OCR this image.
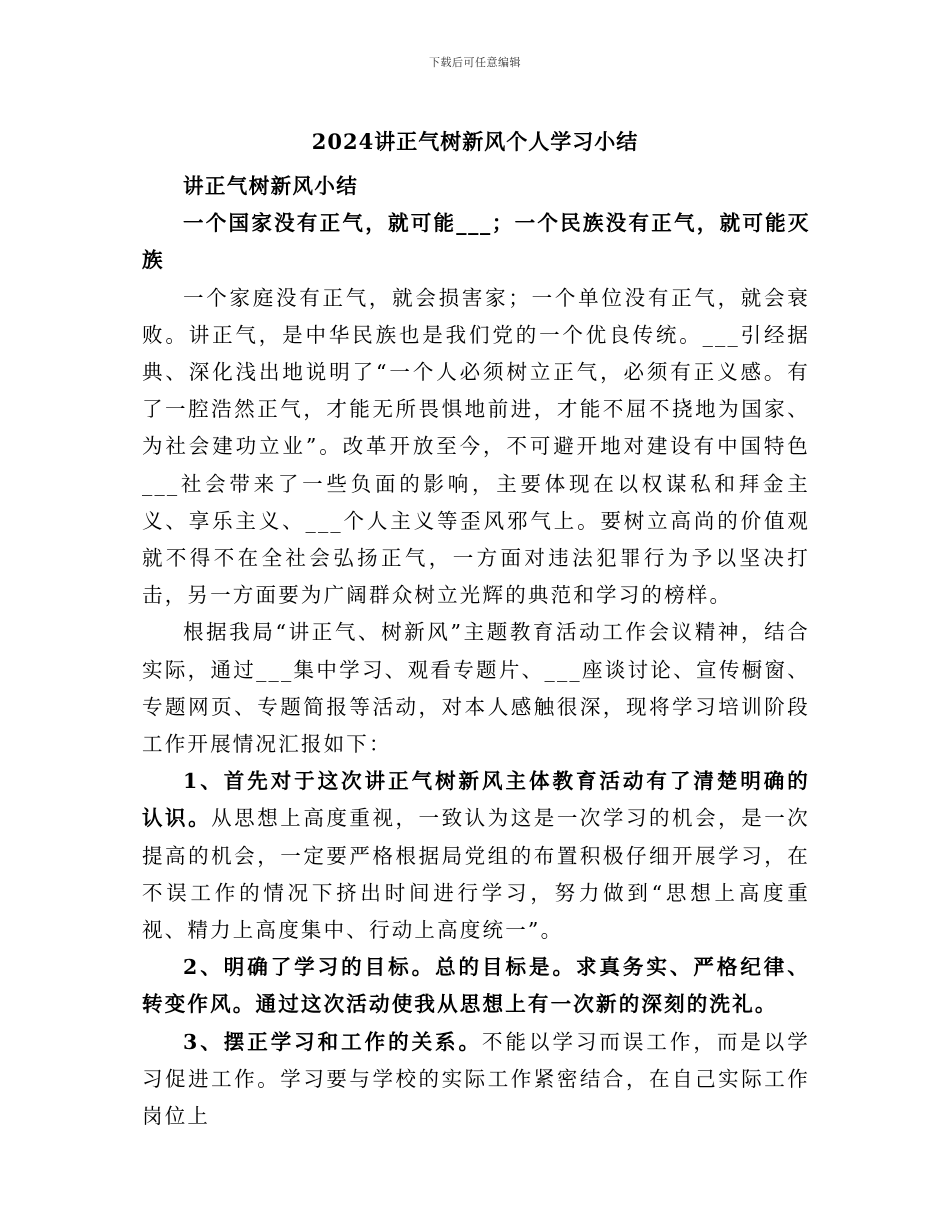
下载后可任意编辑
2024讲正气树新风个人学习小结

讲正气树新风小结

一个国家没有正气，就可能___；一个民族没有正气，就可能灭族

一个家庭没有正气，就会损害家；一个单位没有正气，就会衰败。讲正气，是中华民族也是我们党的一个优良传统。___引经据典、深化浅出地说明了“一个人必须树立正气，必须有正义感。有了一腔浩然正气，才能无所畏惧地前进，才能不屈不挠地为国家、为社会建功立业”。改革开放至今，不可避开地对建设有中国特色___社会带来了一些负面的影响，主要体现在以权谋私和拜金主义、享乐主义、___个人主义等歪风邪气上。要树立高尚的价值观就不得不在全社会弘扬正气，一方面对违法犯罪行为予以坚决打击，另一方面要为广阔群众树立光辉的典范和学习的榜样。

根据我局“讲正气、树新风”主题教育活动工作会议精神，结合实际，通过___集中学习、观看专题片、___座谈讨论、宣传橱窗、专题网页、专题简报等活动，对本人感触很深，现将学习培训阶段工作开展情况汇报如下：

1、首先对于这次讲正气树新风主体教育活动有了清楚明确的认识。从思想上高度重视，一致认为这是一次学习的机会，是一次提高的机会，一定要严格根据局党组的布置积极仔细开展学习，在不误工作的情况下挤出时间进行学习，努力做到“思想上高度重视、精力上高度集中、行动上高度统一”。

2、明确了学习的目标。总的目标是。求真务实、严格纪律、转变作风。通过这次活动使我从思想上有一次新的深刻的洗礼。

3、摆正学习和工作的关系。不能以学习而误工作，而是以学习促进工作。学习要与学校的实际工作紧密结合，在自己实际工作岗位上
